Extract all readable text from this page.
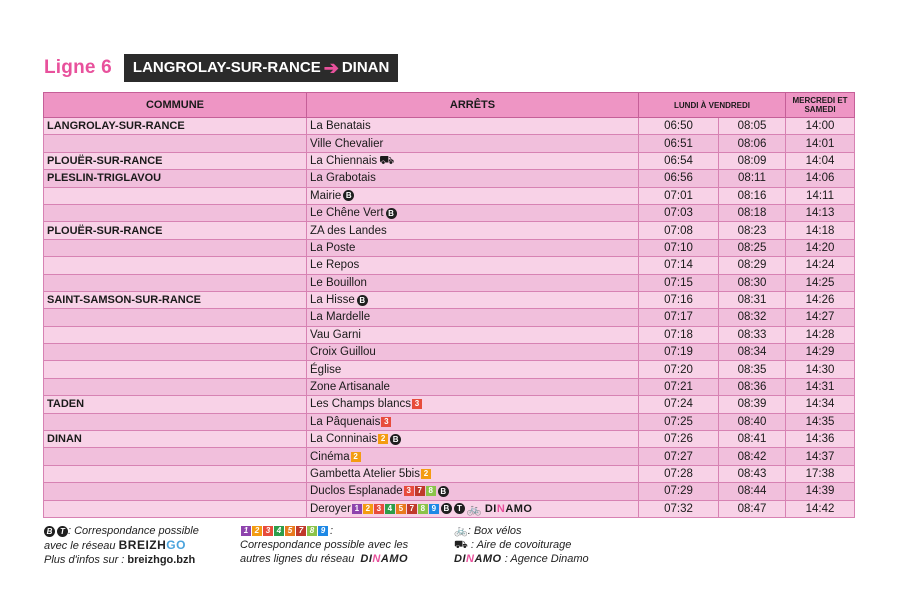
Ligne 6 LANGROLAY-SUR-RANCE ➔ DINAN
COMMUNE	ARRÊTS	LUNDI À VENDREDI		MERCREDI ET SAMEDI
LANGROLAY-SUR-RANCE	La Benatais	06:50	08:05	14:00
	Ville Chevalier	06:51	08:06	14:01
PLOUËR-SUR-RANCE	La Chiennais ⛟	06:54	08:09	14:04
PLESLIN-TRIGLAVOU	La Grabotais	06:56	08:11	14:06
	Mairie B	07:01	08:16	14:11
	Le Chêne Vert B	07:03	08:18	14:13
PLOUËR-SUR-RANCE	ZA des Landes	07:08	08:23	14:18
	La Poste	07:10	08:25	14:20
	Le Repos	07:14	08:29	14:24
	Le Bouillon	07:15	08:30	14:25
SAINT-SAMSON-SUR-RANCE	La Hisse B	07:16	08:31	14:26
	La Mardelle	07:17	08:32	14:27
	Vau Garni	07:18	08:33	14:28
	Croix Guillou	07:19	08:34	14:29
	Église	07:20	08:35	14:30
	Zone Artisanale	07:21	08:36	14:31
TADEN	Les Champs blancs 3	07:24	08:39	14:34
	La Pâquenais 3	07:25	08:40	14:35
DINAN	La Conninais 2 B	07:26	08:41	14:36
	Cinéma 2	07:27	08:42	14:37
	Gambetta Atelier 5bis 2	07:28	08:43	17:38
	Duclos Esplanade 3 7 8 B	07:29	08:44	14:39
	Deroyer 1 2 3 4 5 7 8 9 B T 🚲 DINAMO	07:32	08:47	14:42
B T : Correspondance possible
avec le réseau BREIZHGO
Plus d'infos sur : breizhgo.bzh
1 2 3 4 5 7 8 9 :
Correspondance possible avec les
autres lignes du réseau DINAMO
🚲: Box vélos
⛟ : Aire de covoiturage
DINAMO : Agence Dinamo
